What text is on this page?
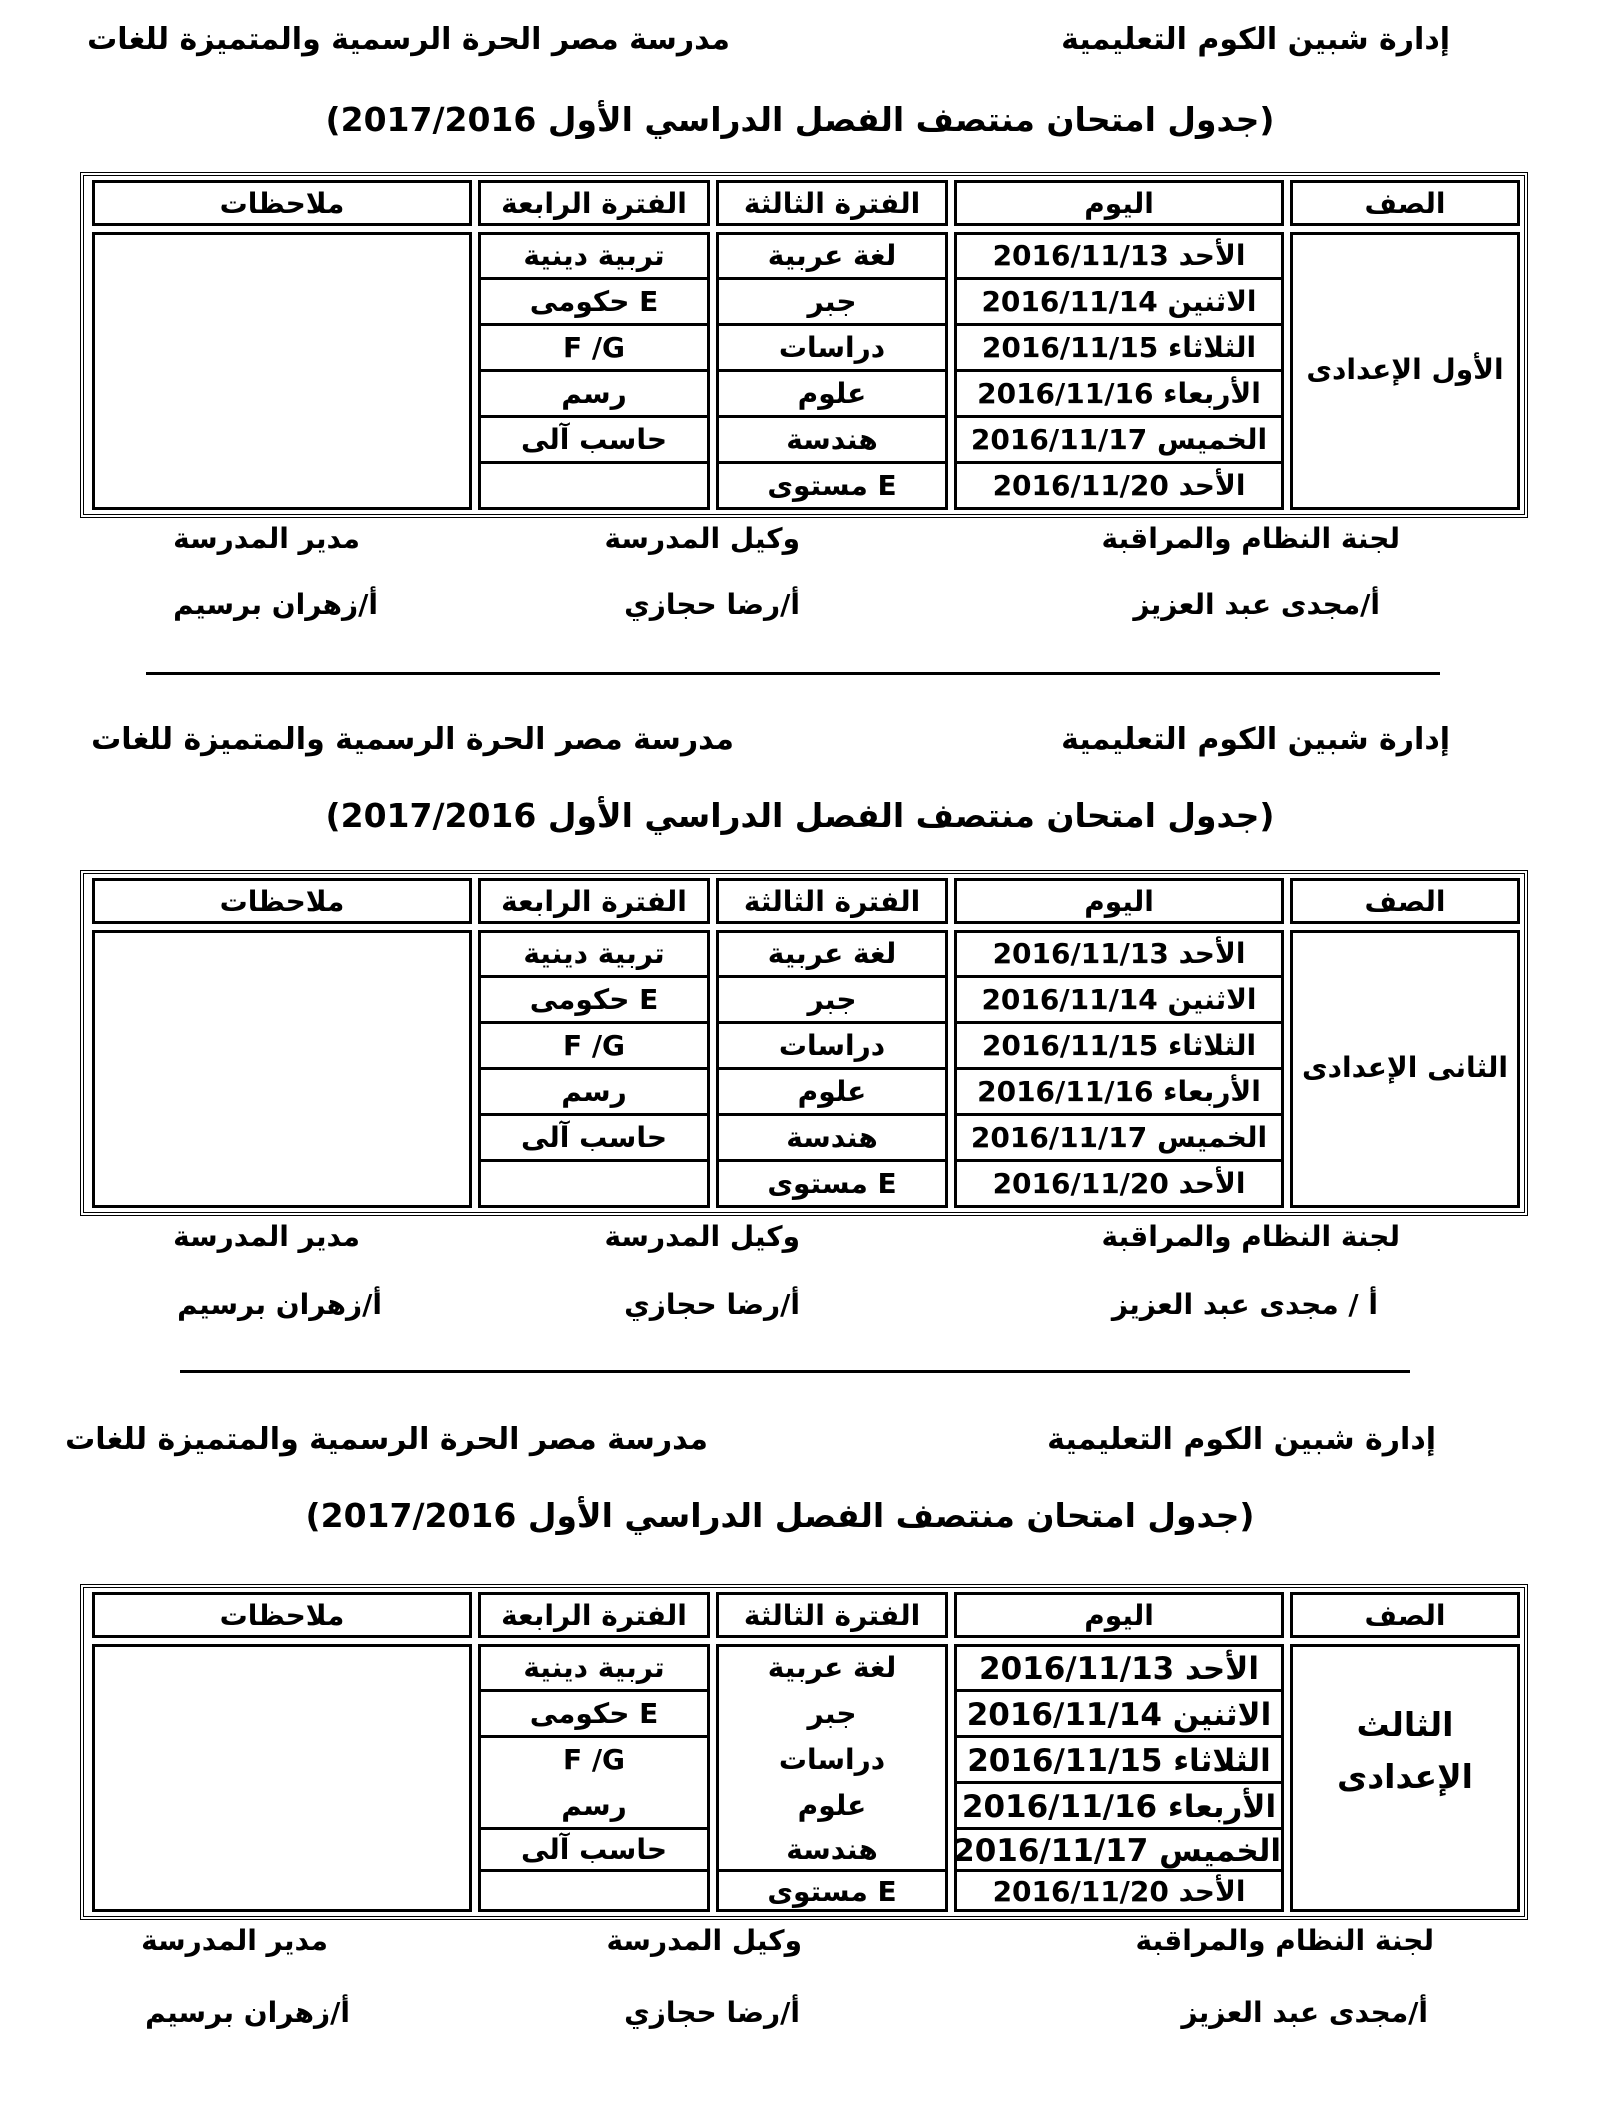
إدارة شبين الكوم التعليمية
مدرسة مصر الحرة الرسمية والمتميزة للغات
(جدول امتحان منتصف الفصل الدراسي الأول 2017/2016)
الصف
اليوم
الفترة الثالثة
الفترة الرابعة
ملاحظات
الأول الإعدادى
الأحد 2016/11/13
الاثنين 2016/11/14
الثلاثاء 2016/11/15
الأربعاء 2016/11/16
الخميس 2016/11/17
الأحد 2016/11/20
لغة عربية
جبر
دراسات
علوم
هندسة
E مستوى
تربية دينية
E حكومى
F /G
رسم
حاسب آلى
لجنة النظام والمراقبة
وكيل المدرسة
مدير المدرسة
أ/مجدى عبد العزيز
أ/رضا حجازي
أ/زهران برسيم
إدارة شبين الكوم التعليمية
مدرسة مصر الحرة الرسمية والمتميزة للغات
(جدول امتحان منتصف الفصل الدراسي الأول 2017/2016)
الصف
اليوم
الفترة الثالثة
الفترة الرابعة
ملاحظات
الثانى الإعدادى
الأحد 2016/11/13
الاثنين 2016/11/14
الثلاثاء 2016/11/15
الأربعاء 2016/11/16
الخميس 2016/11/17
الأحد 2016/11/20
لغة عربية
جبر
دراسات
علوم
هندسة
E مستوى
تربية دينية
E حكومى
F /G
رسم
حاسب آلى
لجنة النظام والمراقبة
وكيل المدرسة
مدير المدرسة
أ / مجدى عبد العزيز
أ/رضا حجازي
أ/زهران برسيم
إدارة شبين الكوم التعليمية
مدرسة مصر الحرة الرسمية والمتميزة للغات
(جدول امتحان منتصف الفصل الدراسي الأول 2017/2016)
الصف
اليوم
الفترة الثالثة
الفترة الرابعة
ملاحظات
الثالث
الإعدادى
الأحد 2016/11/13
الاثنين 2016/11/14
الثلاثاء 2016/11/15
الأربعاء 2016/11/16
الخميس 2016/11/17
الأحد 2016/11/20
لغة عربية
جبر
دراسات
علوم
هندسة
E مستوى
تربية دينية
E حكومى
F /G
رسم
حاسب آلى
لجنة النظام والمراقبة
وكيل المدرسة
مدير المدرسة
أ/مجدى عبد العزيز
أ/رضا حجازي
أ/زهران برسيم
